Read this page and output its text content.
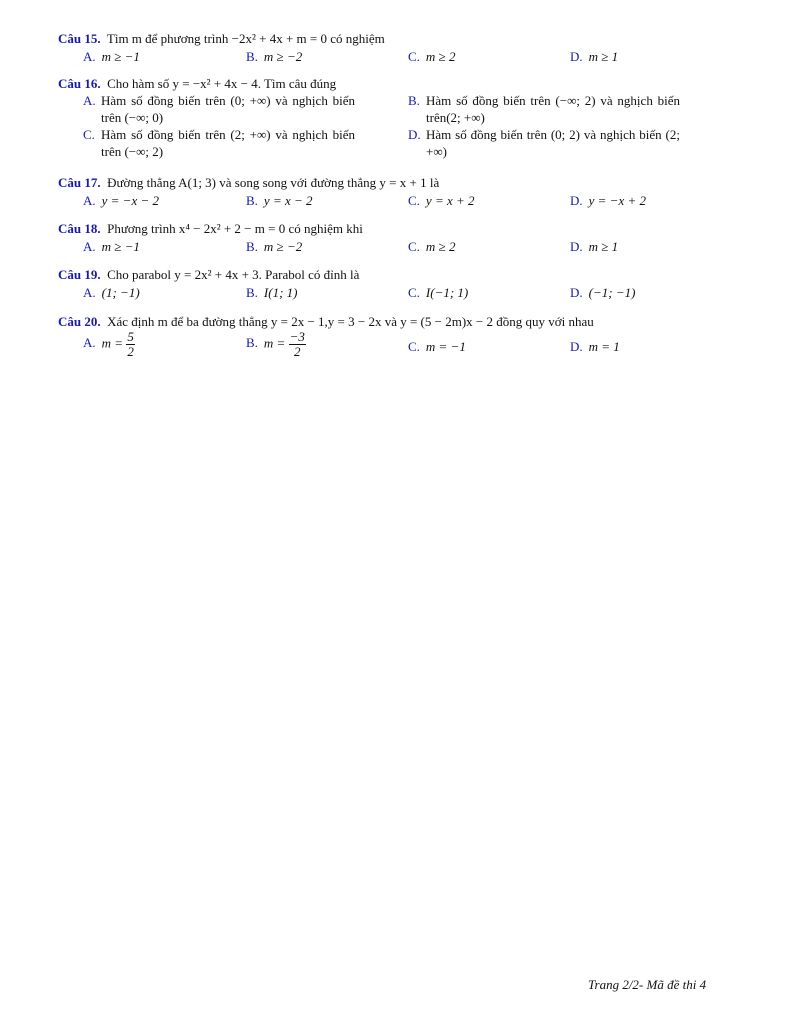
Câu 15. Tìm m để phương trình −2x² + 4x + m = 0 có nghiệm
A. m ≥ −1	B. m ≥ −2	C. m ≥ 2	D. m ≥ 1
Câu 16. Cho hàm số y = −x² + 4x − 4. Tìm câu đúng
A. Hàm số đồng biến trên (0; +∞) và nghịch biến trên (−∞; 0)
B. Hàm số đồng biến trên (−∞; 2) và nghịch biến trên(2; +∞)
C. Hàm số đồng biến trên (2; +∞) và nghịch biến trên (−∞; 2)
D. Hàm số đồng biến trên (0; 2) và nghịch biến (2; +∞)
Câu 17. Đường thẳng A(1; 3) và song song với đường thẳng y = x + 1 là
A. y = −x − 2	B. y = x − 2	C. y = x + 2	D. y = −x + 2
Câu 18. Phương trình x⁴ − 2x² + 2 − m = 0 có nghiệm khi
A. m ≥ −1	B. m ≥ −2	C. m ≥ 2	D. m ≥ 1
Câu 19. Cho parabol y = 2x² + 4x + 3. Parabol có đỉnh là
A. (1; −1)	B. I(1; 1)	C. I(−1; 1)	D. (−1; −1)
Câu 20. Xác định m để ba đường thẳng y = 2x − 1,y = 3 − 2x và y = (5 − 2m)x − 2 đồng quy với nhau
A. $m = \frac{5}{2}$	B. $m = \frac{-3}{2}$	C. m = −1	D. m = 1
Trang 2/2- Mã đề thi 4
